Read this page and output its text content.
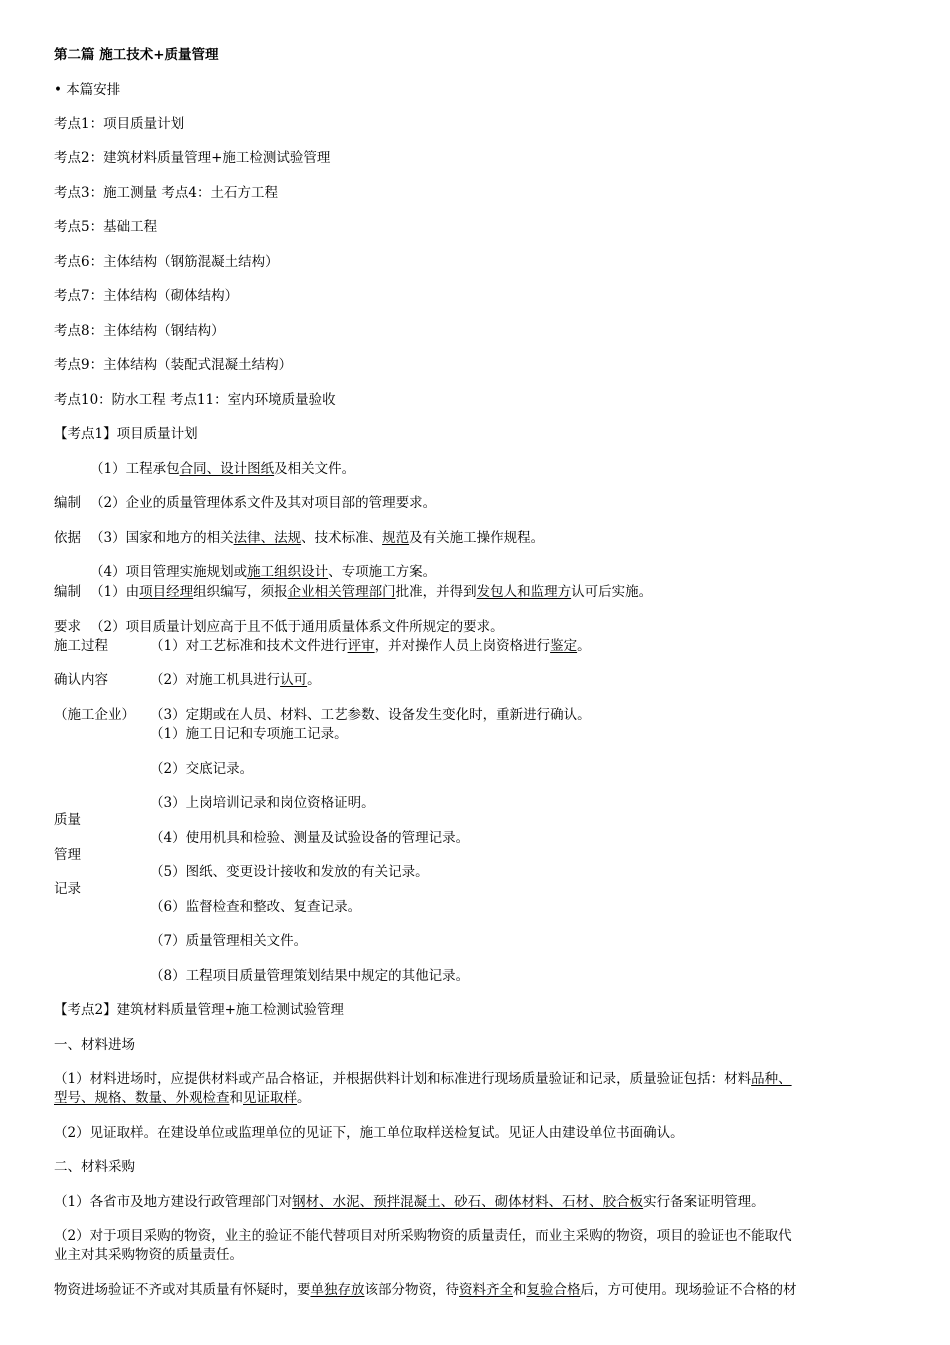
第二篇 施工技术+质量管理
• 本篇安排
考点1：项目质量计划
考点2：建筑材料质量管理+施工检测试验管理
考点3：施工测量 考点4：土石方工程
考点5：基础工程
考点6：主体结构（钢筋混凝土结构）
考点7：主体结构（砌体结构）
考点8：主体结构（钢结构）
考点9：主体结构（装配式混凝土结构）
考点10：防水工程 考点11：室内环境质量验收
【考点1】项目质量计划
（1）工程承包合同、设计图纸及相关文件。
编制 （2）企业的质量管理体系文件及其对项目部的管理要求。
依据 （3）国家和地方的相关法律、法规、技术标准、规范及有关施工操作规程。
（4）项目管理实施规划或施工组织设计、专项施工方案。
编制 （1）由项目经理组织编写，须报企业相关管理部门批准，并得到发包人和监理方认可后实施。
要求 （2）项目质量计划应高于且不低于通用质量体系文件所规定的要求。
施工过程	（1）对工艺标准和技术文件进行评审，并对操作人员上岗资格进行鉴定。
确认内容	（2）对施工机具进行认可。
（施工企业） （3）定期或在人员、材料、工艺参数、设备发生变化时，重新进行确认。
（1）施工日记和专项施工记录。
（2）交底记录。
（3）上岗培训记录和岗位资格证明。
质量
（4）使用机具和检验、测量及试验设备的管理记录。
管理
（5）图纸、变更设计接收和发放的有关记录。
记录
（6）监督检查和整改、复查记录。
（7）质量管理相关文件。
（8）工程项目质量管理策划结果中规定的其他记录。
【考点2】建筑材料质量管理+施工检测试验管理
一、材料进场
（1）材料进场时，应提供材料或产品合格证，并根据供料计划和标准进行现场质量验证和记录，质量验证包括：材料品种、
型号、规格、数量、外观检查和见证取样。
（2）见证取样。在建设单位或监理单位的见证下，施工单位取样送检复试。见证人由建设单位书面确认。
二、材料采购
（1）各省市及地方建设行政管理部门对钢材、水泥、预拌混凝土、砂石、砌体材料、石材、胶合板实行备案证明管理。
（2）对于项目采购的物资，业主的验证不能代替项目对所采购物资的质量责任，而业主采购的物资，项目的验证也不能取代
业主对其采购物资的质量责任。
物资进场验证不齐或对其质量有怀疑时，要单独存放该部分物资，待资料齐全和复验合格后，方可使用。现场验证不合格的材
